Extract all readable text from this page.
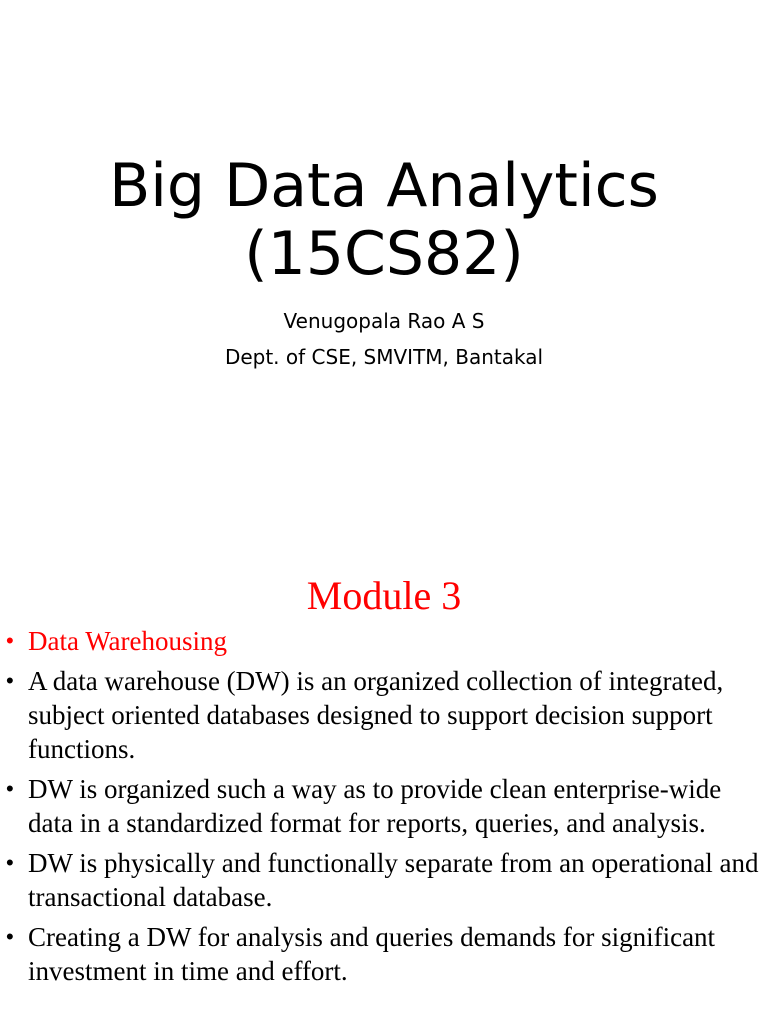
Big Data Analytics
(15CS82)
Venugopala Rao A S
Dept. of CSE, SMVITM, Bantakal
Module 3
• Data Warehousing
• A data warehouse (DW) is an organized collection of integrated, subject oriented databases designed to support decision support functions.
• DW is organized such a way as to provide clean enterprise-wide data in a standardized format for reports, queries, and analysis.
• DW is physically and functionally separate from an operational and transactional database.
• Creating a DW for analysis and queries demands for significant investment in time and effort.
